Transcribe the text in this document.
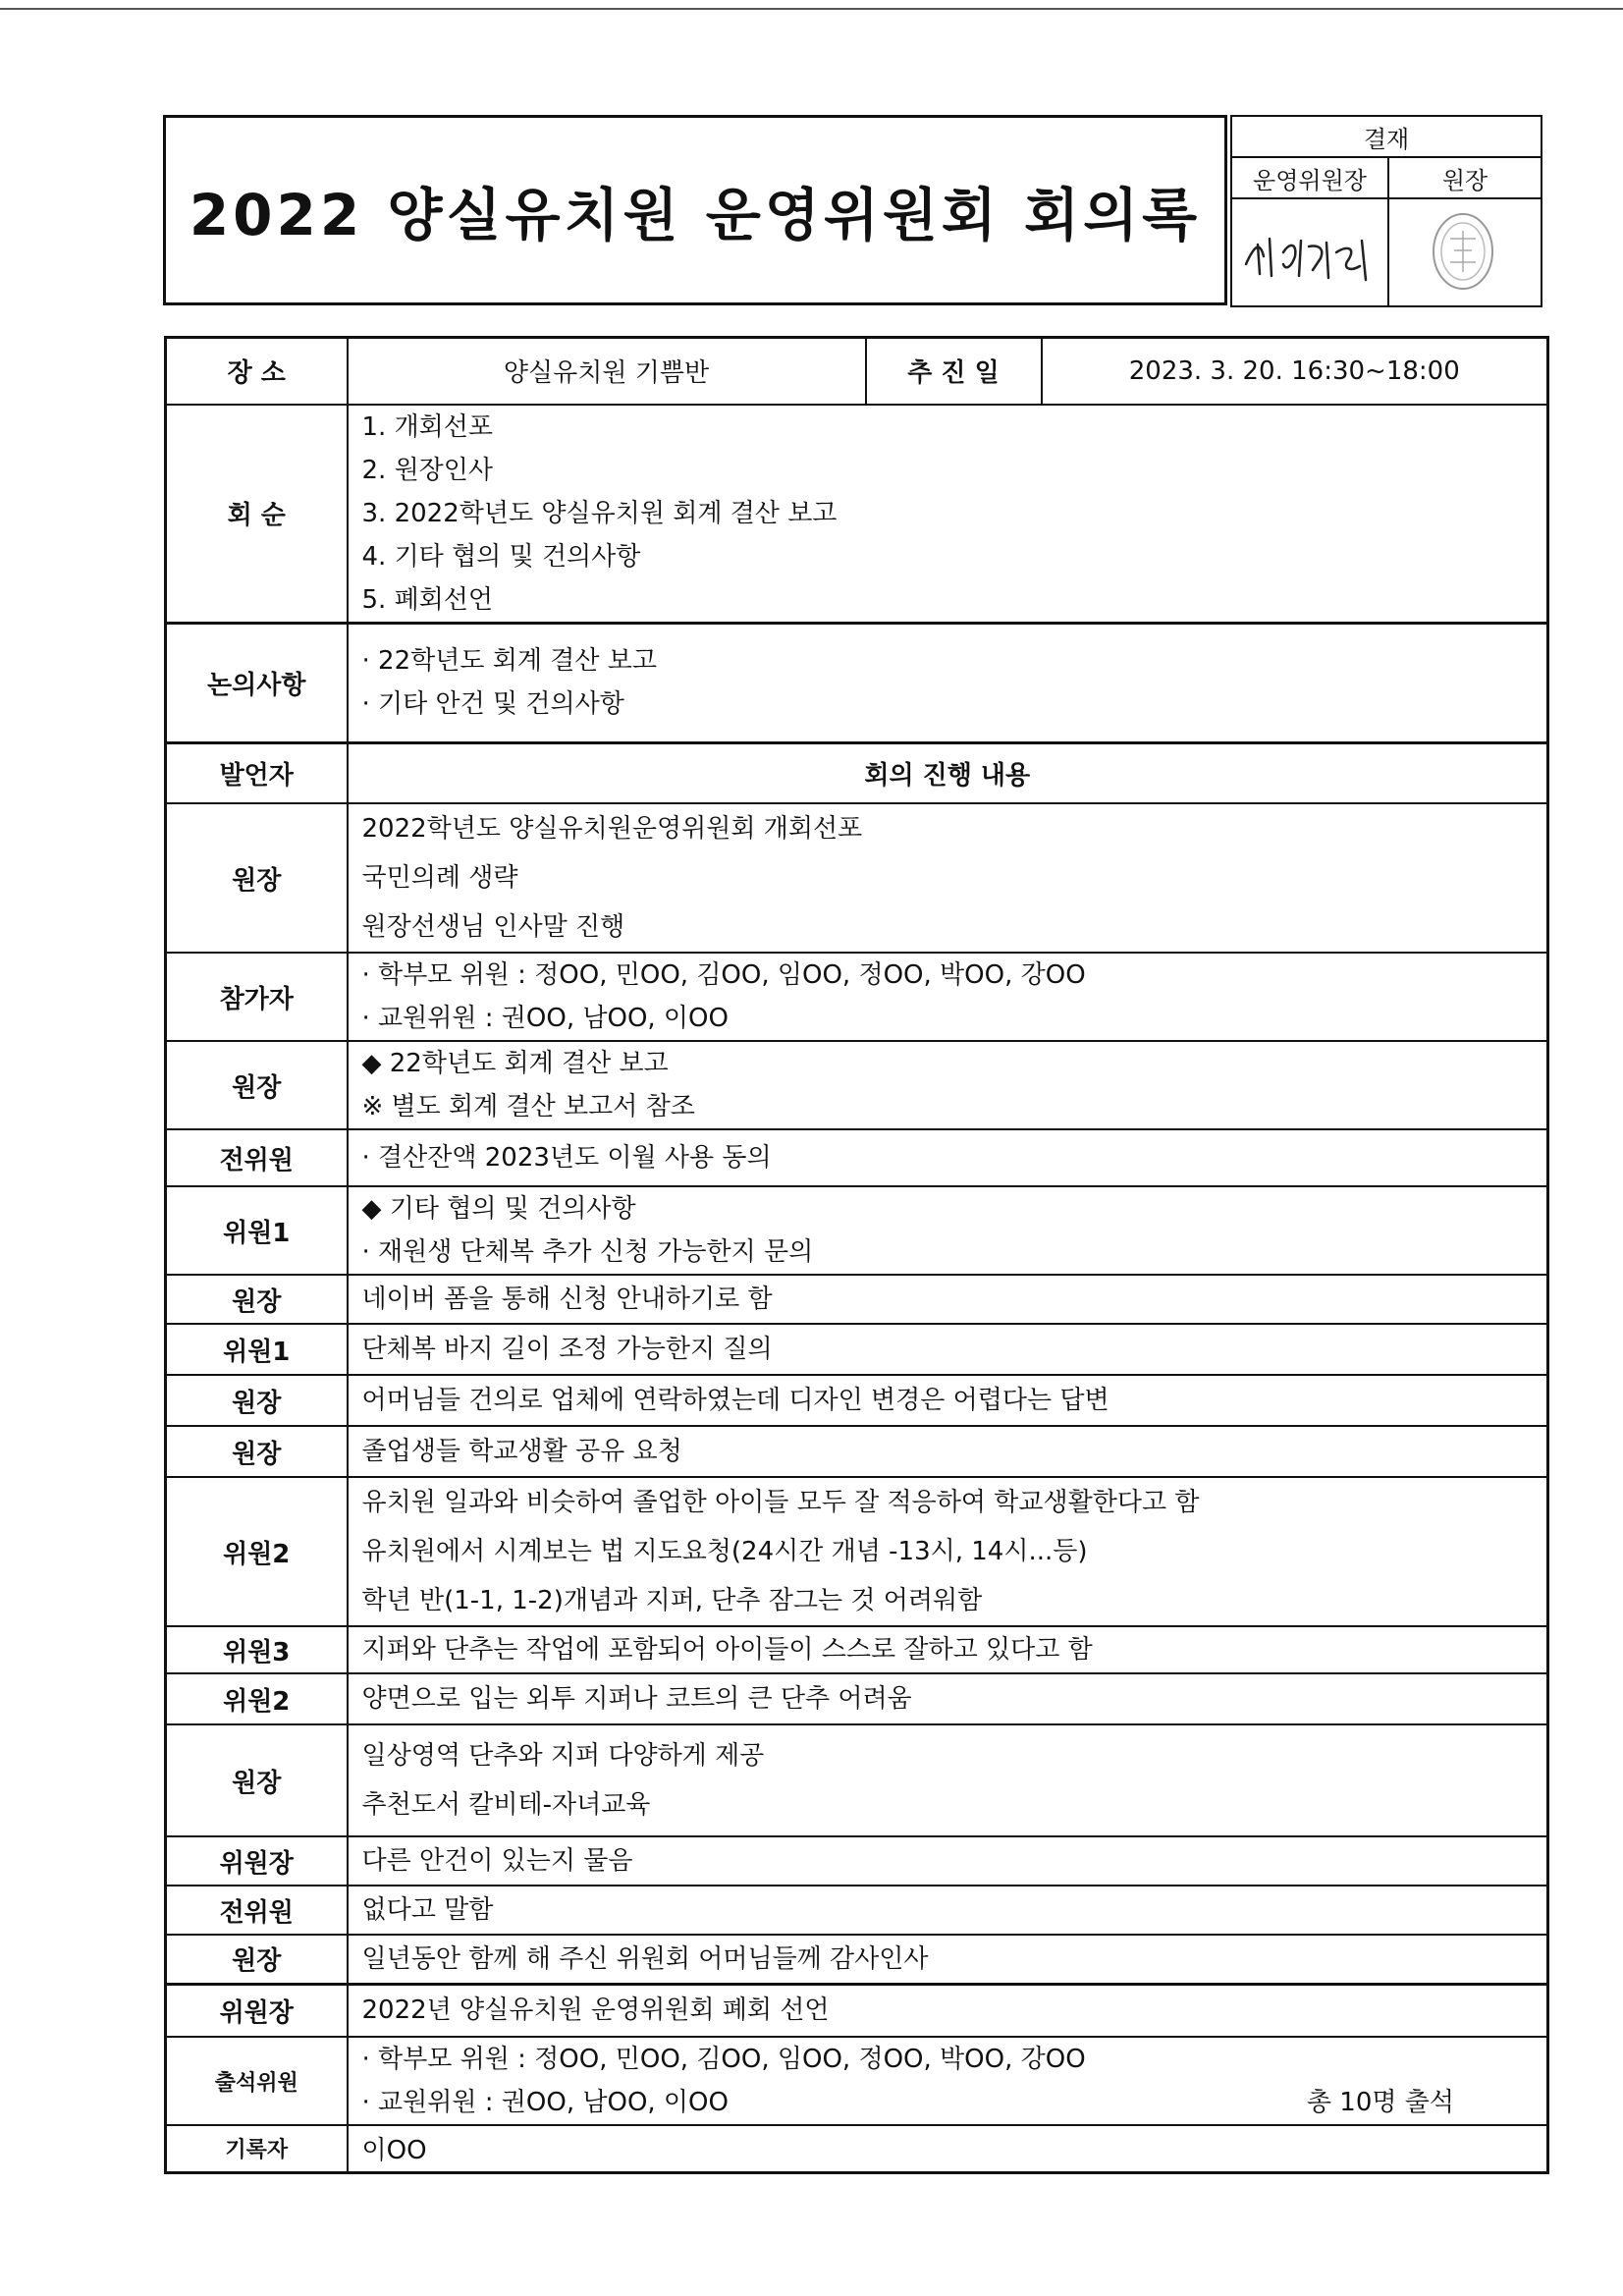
2022 양실유치원 운영위원회 회의록
결재	
운영위원장	원장

장 소	양실유치원 기쁨반	추 진 일	2023. 3. 20. 16:30~18:00
회 순	1. 개회선포
2. 원장인사
3. 2022학년도 양실유치원 회계 결산 보고
4. 기타 협의 및 건의사항
5. 폐회선언		

논의사항	· 22학년도 회계 결산 보고
· 기타 안건 및 건의사항		

발언자	회의 진행 내용		
원장	2022학년도 양실유치원운영위원회 개회선포
국민의례 생략
원장선생님 인사말 진행		

참가자	· 학부모 위원 : 정OO, 민OO, 김OO, 임OO, 정OO, 박OO, 강OO
· 교원위원 : 권OO, 남OO, 이OO		

원장	◆ 22학년도 회계 결산 보고
※ 별도 회계 결산 보고서 참조		

전위원	· 결산잔액 2023년도 이월 사용 동의		

위원1	◆ 기타 협의 및 건의사항
· 재원생 단체복 추가 신청 가능한지 문의		

원장	네이버 폼을 통해 신청 안내하기로 함		

위원1	단체복 바지 길이 조정 가능한지 질의		

원장	어머님들 건의로 업체에 연락하였는데 디자인 변경은 어렵다는 답변		

원장	졸업생들 학교생활 공유 요청		

위원2	유치원 일과와 비슷하여 졸업한 아이들 모두 잘 적응하여 학교생활한다고 함
유치원에서 시계보는 법 지도요청(24시간 개념 -13시, 14시...등)
학년 반(1-1, 1-2)개념과 지퍼, 단추 잠그는 것 어려워함		

위원3	지퍼와 단추는 작업에 포함되어 아이들이 스스로 잘하고 있다고 함		

위원2	양면으로 입는 외투 지퍼나 코트의 큰 단추 어려움		

원장	일상영역 단추와 지퍼 다양하게 제공
추천도서 칼비테-자녀교육		

위원장	다른 안건이 있는지 물음		

전위원	없다고 말함		

원장	일년동안 함께 해 주신 위원회 어머님들께 감사인사		

위원장	2022년 양실유치원 운영위원회 폐회 선언		

출석위원	· 학부모 위원 : 정OO, 민OO, 김OO, 임OO, 정OO, 박OO, 강OO
· 교원위원 : 권OO, 남OO, 이OO 총 10명 출석		

기록자	이OO		
